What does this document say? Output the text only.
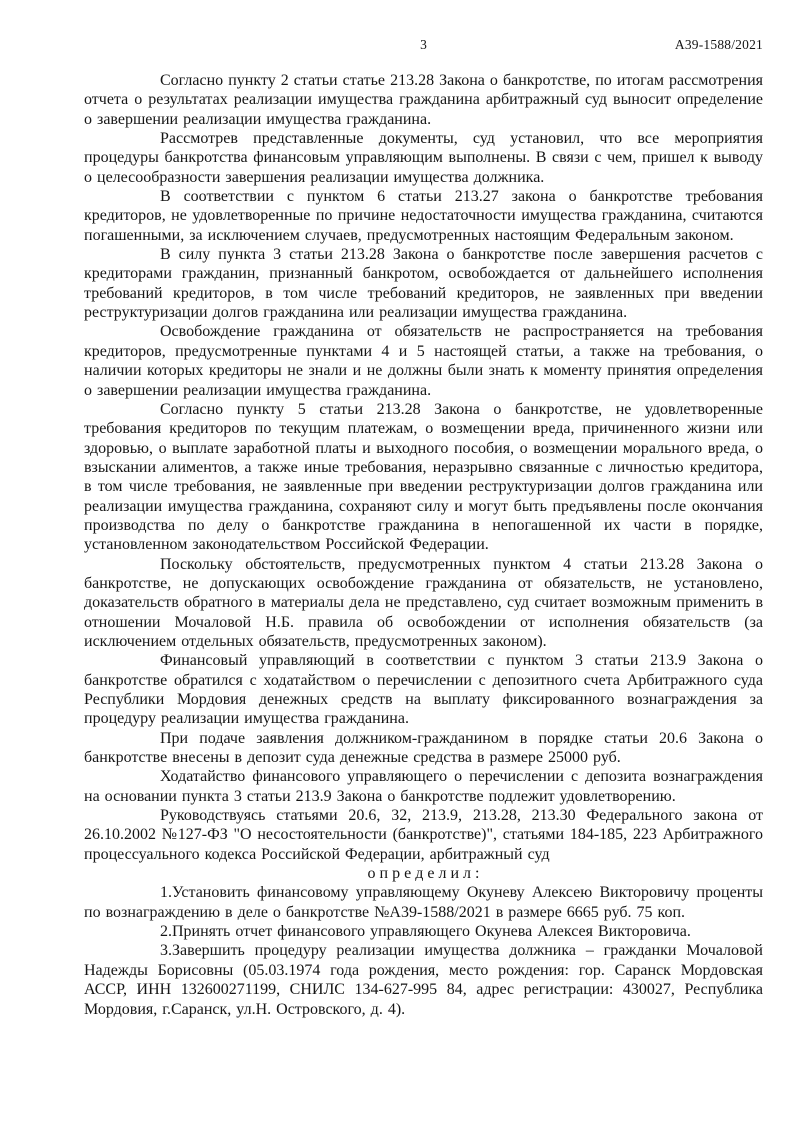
3	А39-1588/2021

Согласно пункту 2 статьи статье 213.28 Закона о банкротстве, по итогам рассмотрения отчета о результатах реализации имущества гражданина арбитражный суд выносит определение о завершении реализации имущества гражданина.

Рассмотрев представленные документы, суд установил, что все мероприятия процедуры банкротства финансовым управляющим выполнены. В связи с чем, пришел к выводу о целесообразности завершения реализации имущества должника.

В соответствии с пунктом 6 статьи 213.27 закона о банкротстве требования кредиторов, не удовлетворенные по причине недостаточности имущества гражданина, считаются погашенными, за исключением случаев, предусмотренных настоящим Федеральным законом.

В силу пункта 3 статьи 213.28 Закона о банкротстве после завершения расчетов с кредиторами гражданин, признанный банкротом, освобождается от дальнейшего исполнения требований кредиторов, в том числе требований кредиторов, не заявленных при введении реструктуризации долгов гражданина или реализации имущества гражданина.

Освобождение гражданина от обязательств не распространяется на требования кредиторов, предусмотренные пунктами 4 и 5 настоящей статьи, а также на требования, о наличии которых кредиторы не знали и не должны были знать к моменту принятия определения о завершении реализации имущества гражданина.

Согласно пункту 5 статьи 213.28 Закона о банкротстве, не удовлетворенные требования кредиторов по текущим платежам, о возмещении вреда, причиненного жизни или здоровью, о выплате заработной платы и выходного пособия, о возмещении морального вреда, о взыскании алиментов, а также иные требования, неразрывно связанные с личностью кредитора, в том числе требования, не заявленные при введении реструктуризации долгов гражданина или реализации имущества гражданина, сохраняют силу и могут быть предъявлены после окончания производства по делу о банкротстве гражданина в непогашенной их части в порядке, установленном законодательством Российской Федерации.

Поскольку обстоятельств, предусмотренных пунктом 4 статьи 213.28 Закона о банкротстве, не допускающих освобождение гражданина от обязательств, не установлено, доказательств обратного в материалы дела не представлено, суд считает возможным применить в отношении Мочаловой Н.Б. правила об освобождении от исполнения обязательств (за исключением отдельных обязательств, предусмотренных законом).

Финансовый управляющий в соответствии с пунктом 3 статьи 213.9 Закона о банкротстве обратился с ходатайством о перечислении с депозитного счета Арбитражного суда Республики Мордовия денежных средств на выплату фиксированного вознаграждения за процедуру реализации имущества гражданина.

При подаче заявления должником-гражданином в порядке статьи 20.6 Закона о банкротстве внесены в депозит суда денежные средства в размере 25000 руб.

Ходатайство финансового управляющего о перечислении с депозита вознаграждения на основании пункта 3 статьи 213.9 Закона о банкротстве подлежит удовлетворению.

Руководствуясь статьями 20.6, 32, 213.9, 213.28, 213.30 Федерального закона от 26.10.2002 №127-ФЗ "О несостоятельности (банкротстве)", статьями 184-185, 223 Арбитражного процессуального кодекса Российской Федерации, арбитражный суд

о п р е д е л и л :

1.Установить финансовому управляющему Окуневу Алексею Викторовичу проценты по вознаграждению в деле о банкротстве №А39-1588/2021 в размере 6665 руб. 75 коп.

2.Принять отчет финансового управляющего Окунева Алексея Викторовича.

3.Завершить процедуру реализации имущества должника – гражданки Мочаловой Надежды Борисовны (05.03.1974 года рождения, место рождения: гор. Саранск Мордовская АССР, ИНН 132600271199, СНИЛС 134-627-995 84, адрес регистрации: 430027, Республика Мордовия, г.Саранск, ул.Н. Островского, д. 4).
